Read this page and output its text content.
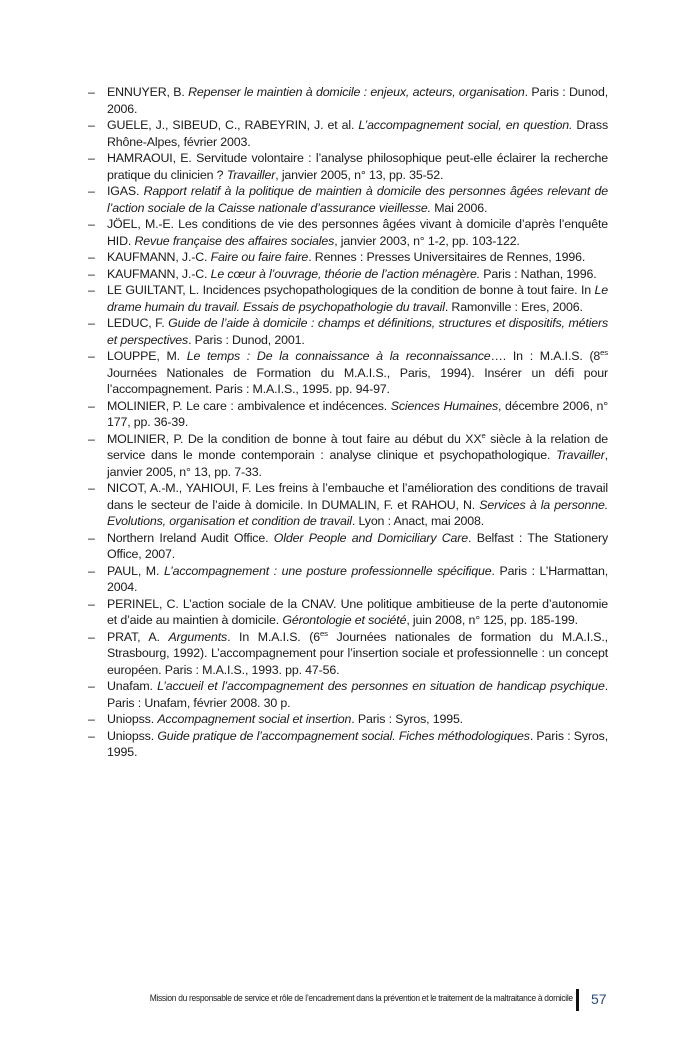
– ENNUYER, B. Repenser le maintien à domicile : enjeux, acteurs, organisation. Paris : Dunod, 2006.
– GUELE, J., SIBEUD, C., RABEYRIN, J. et al. L’accompagnement social, en question. Drass Rhône-Alpes, février 2003.
– HAMRAOUI, E. Servitude volontaire : l’analyse philosophique peut-elle éclairer la recherche pratique du clinicien ? Travailler, janvier 2005, n° 13, pp. 35-52.
– IGAS. Rapport relatif à la politique de maintien à domicile des personnes âgées relevant de l’action sociale de la Caisse nationale d’assurance vieillesse. Mai 2006.
– JÖEL, M.-E. Les conditions de vie des personnes âgées vivant à domicile d’après l’enquête HID. Revue française des affaires sociales, janvier 2003, n° 1-2, pp. 103-122.
– KAUFMANN, J.-C. Faire ou faire faire. Rennes : Presses Universitaires de Rennes, 1996.
– KAUFMANN, J.-C. Le cœur à l’ouvrage, théorie de l’action ménagère. Paris : Nathan, 1996.
– LE GUILTANT, L. Incidences psychopathologiques de la condition de bonne à tout faire. In Le drame humain du travail. Essais de psychopathologie du travail. Ramonville : Eres, 2006.
– LEDUC, F. Guide de l’aide à domicile : champs et définitions, structures et dispositifs, métiers et perspectives. Paris : Dunod, 2001.
– LOUPPE, M. Le temps : De la connaissance à la reconnaissance…. In : M.A.I.S. ($8^{es}$ Journées Nationales de Formation du M.A.I.S., Paris, 1994). Insérer un défi pour l’accompagnement. Paris : M.A.I.S., 1995. pp. 94-97.
– MOLINIER, P. Le care : ambivalence et indécences. Sciences Humaines, décembre 2006, n° 177, pp. 36-39.
– MOLINIER, P. De la condition de bonne à tout faire au début du XXe siècle à la relation de service dans le monde contemporain : analyse clinique et psychopathologique. Travailler, janvier 2005, n° 13, pp. 7-33.
– NICOT, A.-M., YAHIOUI, F. Les freins à l’embauche et l’amélioration des conditions de travail dans le secteur de l’aide à domicile. In DUMALIN, F. et RAHOU, N. Services à la personne. Evolutions, organisation et condition de travail. Lyon : Anact, mai 2008.
– Northern Ireland Audit Office. Older People and Domiciliary Care. Belfast : The Stationery Office, 2007.
– PAUL, M. L’accompagnement : une posture professionnelle spécifique. Paris : L’Harmattan, 2004.
– PERINEL, C. L’action sociale de la CNAV. Une politique ambitieuse de la perte d’autonomie et d’aide au maintien à domicile. Gérontologie et société, juin 2008, n° 125, pp. 185-199.
– PRAT, A. Arguments. In M.A.I.S. ($6^{es}$ Journées nationales de formation du M.A.I.S., Strasbourg, 1992). L’accompagnement pour l’insertion sociale et professionnelle : un concept européen. Paris : M.A.I.S., 1993. pp. 47-56.
– Unafam. L’accueil et l’accompagnement des personnes en situation de handicap psychique. Paris : Unafam, février 2008. 30 p.
– Uniopss. Accompagnement social et insertion. Paris : Syros, 1995.
– Uniopss. Guide pratique de l’accompagnement social. Fiches méthodologiques. Paris : Syros, 1995.
Mission du responsable de service et rôle de l’encadrement dans la prévention et le traitement de la maltraitance à domicile 57
